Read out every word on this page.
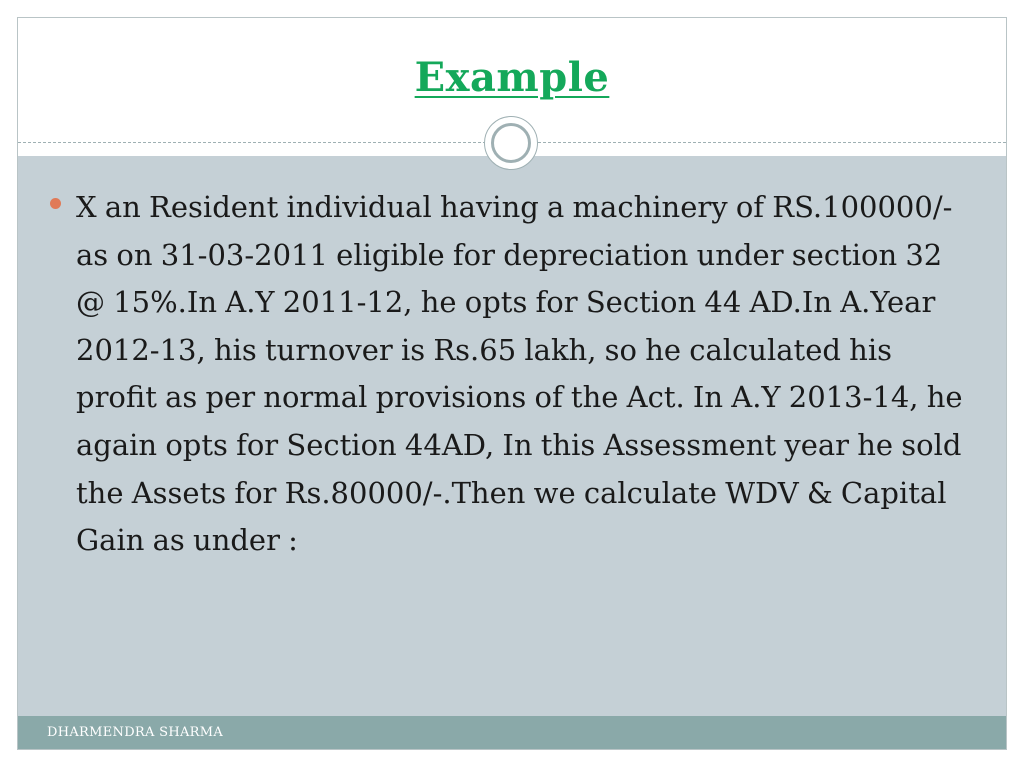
Example

X an Resident individual having a machinery of RS.100000/- as on 31-03-2011 eligible for depreciation under section 32 @ 15%.In A.Y 2011-12, he opts for Section 44 AD.In A.Year 2012-13, his turnover is Rs.65 lakh, so he calculated his profit as per normal provisions of the Act. In A.Y 2013-14, he again opts for Section 44AD, In this Assessment year he sold the Assets for Rs.80000/-.Then we calculate WDV & Capital Gain as under :

DHARMENDRA SHARMA
